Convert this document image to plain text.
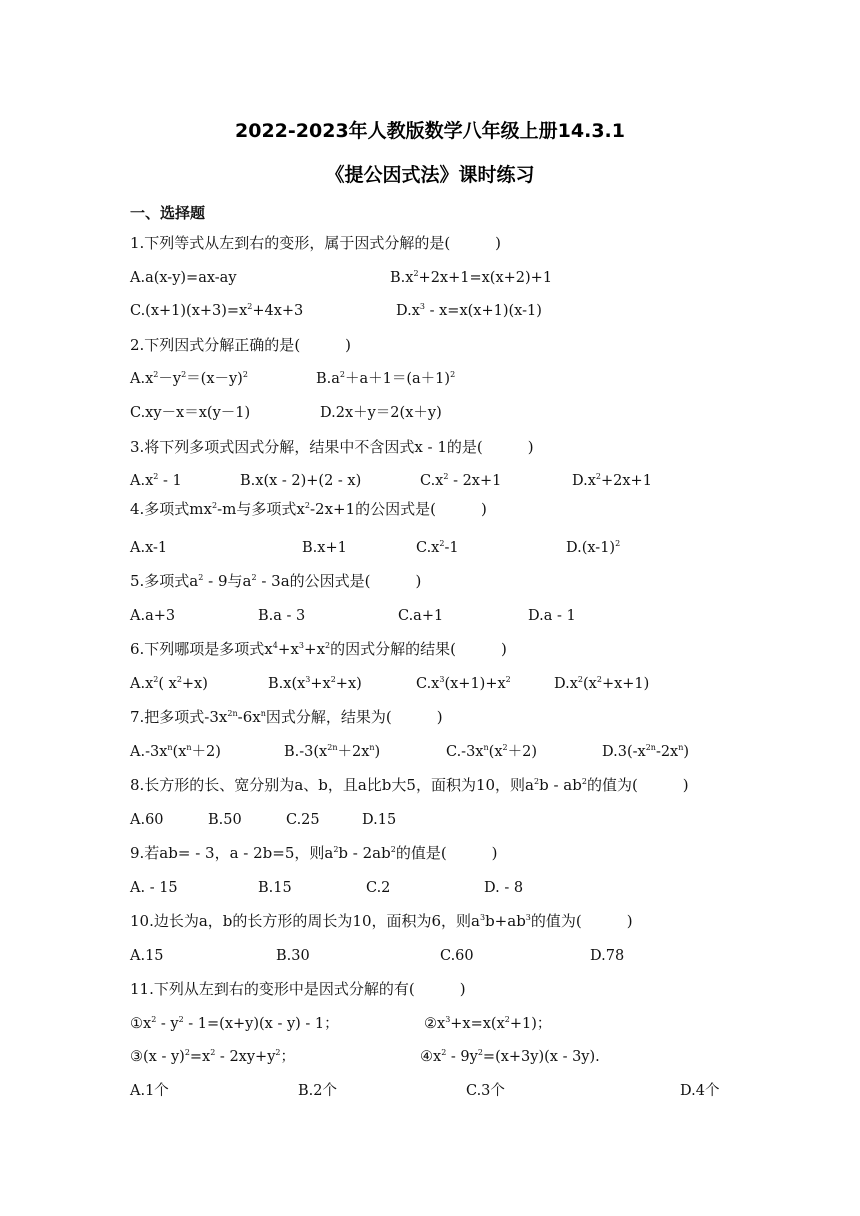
2022-2023年人教版数学八年级上册14.3.1
《提公因式法》课时练习
一、选择题
1.下列等式从左到右的变形，属于因式分解的是(　　　)
A.a(x-y)=ax-ay	$B.x^2+2x+1=x(x+2)+1$
$C.(x+1)(x+3)=x^2+4x+3$	$D.x^3 - x=x(x+1)(x-1)$
2.下列因式分解正确的是(　　　)
$A.x^2-y^2=(x-y)^2$	$B.a^2+a+1=(a+1)^2$
C.xy－x＝x(y－1)	D.2x＋y＝2(x＋y)
3.将下列多项式因式分解，结果中不含因式x - 1的是(　　　)
$A.x^2 - 1$	B.x(x - 2)+(2 - x)	$C.x^2 - 2x+1$	$D.x^2+2x+1$
4.多项式$mx^2-m$与多项式$x^2-2x+1$的公因式是(　　　)
A.x-1	B.x+1	$C.x^2-1$	$D.(x-1)^2$
5.多项式$a^2 - 9$与$a^2 - 3a$的公因式是(　　　)
A.a+3	B.a - 3	C.a+1	D.a - 1
6.下列哪项是多项式$x^4+x^3+x^2$的因式分解的结果(　　　)
$A.x^2$( $x^2+x$)	$B.x(x^3+x^2+x)$	$C.x^3(x+1)+x^2$	$D.x^2(x^2+x+1)$
7.把多项式$-3x^{2n}-6x^n$因式分解，结果为(　　　)
$A.-3x^n(x^n+2)$	$B.-3(x^{2n}+2x^n)$	$C.-3x^n(x^2+2)$	$D.3(-x^{2n}-2x^n)$
8.长方形的长、宽分别为a、b，且a比b大5，面积为10，则$a^2b - ab^2$的值为(　　　)
A.60	B.50	C.25	D.15
9.若ab= - 3，a - 2b=5，则$a^2b - 2ab^2$的值是(　　　)
A. - 15	B.15	C.2	D. - 8
10.边长为a，b的长方形的周长为10，面积为6，则$a^3b+ab^3$的值为(　　　)
A.15	B.30	C.60	D.78
11.下列从左到右的变形中是因式分解的有(　　　)
$①x^2 - y^2 - 1=(x+y)(x - y) - 1$；	$②x^3+x=x(x^2+1)$；
③(x - $y)^2=x^2 - 2xy+y^2$；	$④x^2 - 9y^2=(x+3y)(x - 3y)$.
A.1个	B.2个	C.3个	D.4个
